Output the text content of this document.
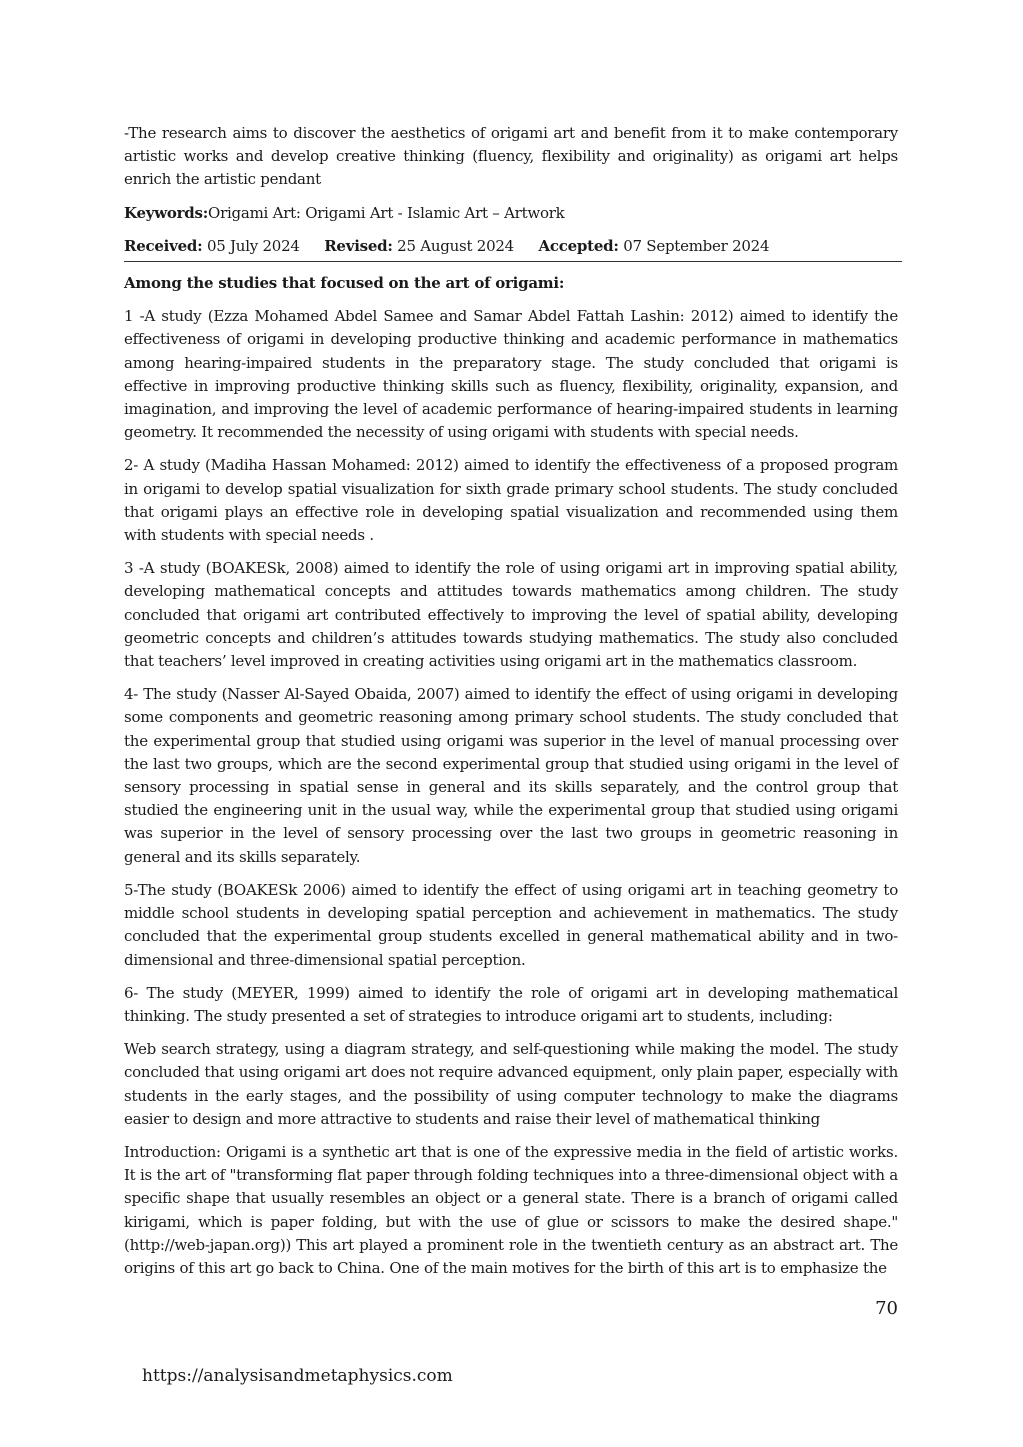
-The research aims to discover the aesthetics of origami art and benefit from it to make contemporary artistic works and develop creative thinking (fluency, flexibility and originality) as origami art helps enrich the artistic pendant

Keywords:Origami Art: Origami Art - Islamic Art – Artwork

Received: 05 July 2024 Revised: 25 August 2024 Accepted: 07 September 2024

Among the studies that focused on the art of origami:

1 -A study (Ezza Mohamed Abdel Samee and Samar Abdel Fattah Lashin: 2012) aimed to identify the effectiveness of origami in developing productive thinking and academic performance in mathematics among hearing-impaired students in the preparatory stage. The study concluded that origami is effective in improving productive thinking skills such as fluency, flexibility, originality, expansion, and imagination, and improving the level of academic performance of hearing-impaired students in learning geometry. It recommended the necessity of using origami with students with special needs.

2- A study (Madiha Hassan Mohamed: 2012) aimed to identify the effectiveness of a proposed program in origami to develop spatial visualization for sixth grade primary school students. The study concluded that origami plays an effective role in developing spatial visualization and recommended using them with students with special needs .

3 -A study (BOAKESk, 2008) aimed to identify the role of using origami art in improving spatial ability, developing mathematical concepts and attitudes towards mathematics among children. The study concluded that origami art contributed effectively to improving the level of spatial ability, developing geometric concepts and children’s attitudes towards studying mathematics. The study also concluded that teachers’ level improved in creating activities using origami art in the mathematics classroom.

4- The study (Nasser Al-Sayed Obaida, 2007) aimed to identify the effect of using origami in developing some components and geometric reasoning among primary school students. The study concluded that the experimental group that studied using origami was superior in the level of manual processing over the last two groups, which are the second experimental group that studied using origami in the level of sensory processing in spatial sense in general and its skills separately, and the control group that studied the engineering unit in the usual way, while the experimental group that studied using origami was superior in the level of sensory processing over the last two groups in geometric reasoning in general and its skills separately.

5-The study (BOAKESk 2006) aimed to identify the effect of using origami art in teaching geometry to middle school students in developing spatial perception and achievement in mathematics. The study concluded that the experimental group students excelled in general mathematical ability and in two-dimensional and three-dimensional spatial perception.

6- The study (MEYER, 1999) aimed to identify the role of origami art in developing mathematical thinking. The study presented a set of strategies to introduce origami art to students, including:

Web search strategy, using a diagram strategy, and self-questioning while making the model. The study concluded that using origami art does not require advanced equipment, only plain paper, especially with students in the early stages, and the possibility of using computer technology to make the diagrams easier to design and more attractive to students and raise their level of mathematical thinking

Introduction: Origami is a synthetic art that is one of the expressive media in the field of artistic works. It is the art of "transforming flat paper through folding techniques into a three-dimensional object with a specific shape that usually resembles an object or a general state. There is a branch of origami called kirigami, which is paper folding, but with the use of glue or scissors to make the desired shape." (http://web-japan.org)) This art played a prominent role in the twentieth century as an abstract art. The origins of this art go back to China. One of the main motives for the birth of this art is to emphasize the

70
https://analysisandmetaphysics.com
